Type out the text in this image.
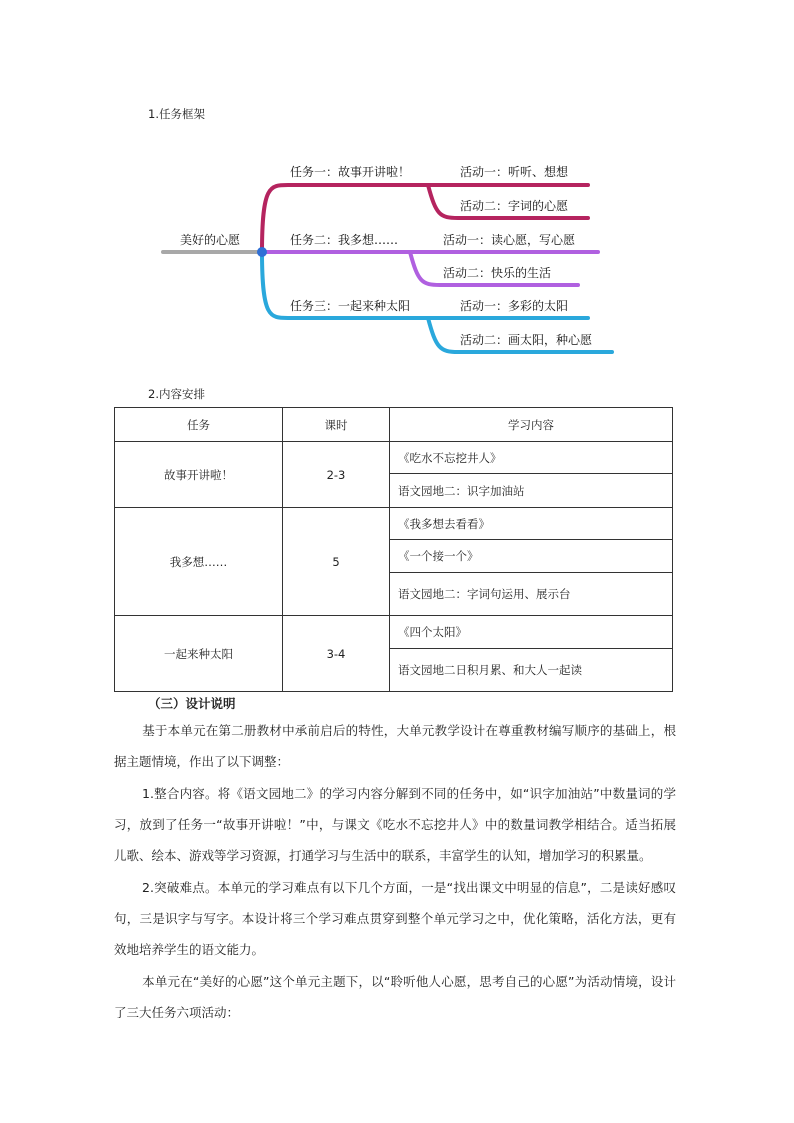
1.任务框架
美好的心愿
任务一：故事开讲啦！	活动一：听听、想想
活动二：字词的心愿
任务二：我多想……	活动一：读心愿，写心愿
活动二：快乐的生活
任务三：一起来种太阳	活动一：多彩的太阳
活动二：画太阳，种心愿
2.内容安排
任务	课时	学习内容
故事开讲啦！	2-3	《吃水不忘挖井人》
		语文园地二：识字加油站
我多想……	5	《我多想去看看》
		《一个接一个》
		语文园地二：字词句运用、展示台
一起来种太阳	3-4	《四个太阳》
		语文园地二日积月累、和大人一起读
（三）设计说明
基于本单元在第二册教材中承前启后的特性，大单元教学设计在尊重教材编写顺序的基础上，根据主题情境，作出了以下调整：
1.整合内容。将《语文园地二》的学习内容分解到不同的任务中，如“识字加油站”中数量词的学习，放到了任务一“故事开讲啦！”中，与课文《吃水不忘挖井人》中的数量词教学相结合。适当拓展儿歌、绘本、游戏等学习资源，打通学习与生活中的联系，丰富学生的认知，增加学习的积累量。
2.突破难点。本单元的学习难点有以下几个方面，一是“找出课文中明显的信息”，二是读好感叹句，三是识字与写字。本设计将三个学习难点贯穿到整个单元学习之中，优化策略，活化方法，更有效地培养学生的语文能力。
本单元在“美好的心愿”这个单元主题下，以“聆听他人心愿，思考自己的心愿”为活动情境，设计了三大任务六项活动：
